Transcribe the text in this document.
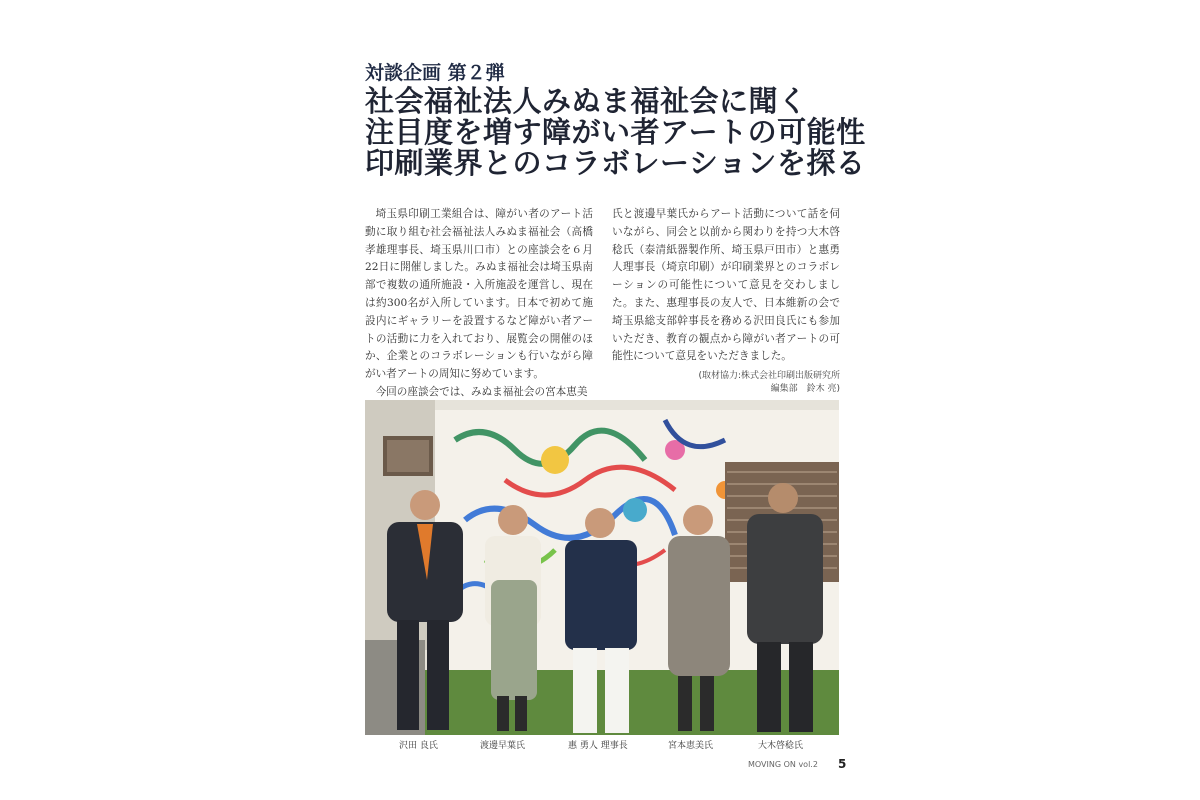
対談企画 第２弾
社会福祉法人みぬま福祉会に聞く
注目度を増す障がい者アートの可能性
印刷業界とのコラボレーションを探る

埼玉県印刷工業組合は、障がい者のアート活動に取り組む社会福祉法人みぬま福祉会（高橋孝雄理事長、埼玉県川口市）との座談会を６月22日に開催しました。みぬま福祉会は埼玉県南部で複数の通所施設・入所施設を運営し、現在は約300名が入所しています。日本で初めて施設内にギャラリーを設置するなど障がい者アートの活動に力を入れており、展覧会の開催のほか、企業とのコラボレーションも行いながら障がい者アートの周知に努めています。

今回の座談会では、みぬま福祉会の宮本恵美

氏と渡邊早葉氏からアート活動について話を伺いながら、同会と以前から関わりを持つ大木啓稔氏（泰清紙器製作所、埼玉県戸田市）と惠勇人理事長（埼京印刷）が印刷業界とのコラボレーションの可能性について意見を交わしました。また、惠理事長の友人で、日本維新の会で埼玉県総支部幹事長を務める沢田良氏にも参加いただき、教育の観点から障がい者アートの可能性について意見をいただきました。

(取材協力:株式会社印刷出版研究所
編集部　鈴木 亮)
沢田 良氏	渡邊早葉氏	惠 勇人 理事長	宮本恵美氏	大木啓稔氏
MOVING ON vol.2 5
